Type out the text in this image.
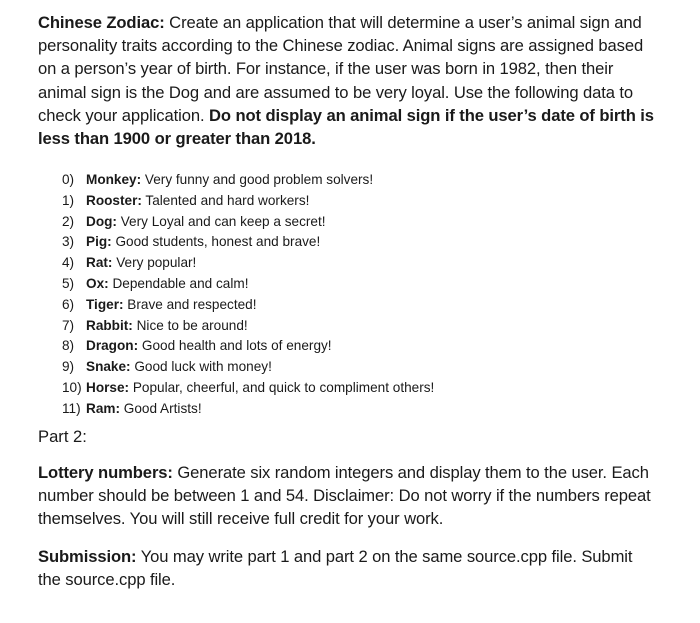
Chinese Zodiac: Create an application that will determine a user’s animal sign and personality traits according to the Chinese zodiac. Animal signs are assigned based on a person’s year of birth. For instance, if the user was born in 1982, then their animal sign is the Dog and are assumed to be very loyal. Use the following data to check your application. Do not display an animal sign if the user’s date of birth is less than 1900 or greater than 2018.
0) Monkey: Very funny and good problem solvers!
1) Rooster: Talented and hard workers!
2) Dog: Very Loyal and can keep a secret!
3) Pig: Good students, honest and brave!
4) Rat: Very popular!
5) Ox: Dependable and calm!
6) Tiger: Brave and respected!
7) Rabbit: Nice to be around!
8) Dragon: Good health and lots of energy!
9) Snake: Good luck with money!
10) Horse: Popular, cheerful, and quick to compliment others!
11) Ram: Good Artists!
Part 2:
Lottery numbers: Generate six random integers and display them to the user. Each number should be between 1 and 54. Disclaimer: Do not worry if the numbers repeat themselves. You will still receive full credit for your work.
Submission: You may write part 1 and part 2 on the same source.cpp file. Submit the source.cpp file.
